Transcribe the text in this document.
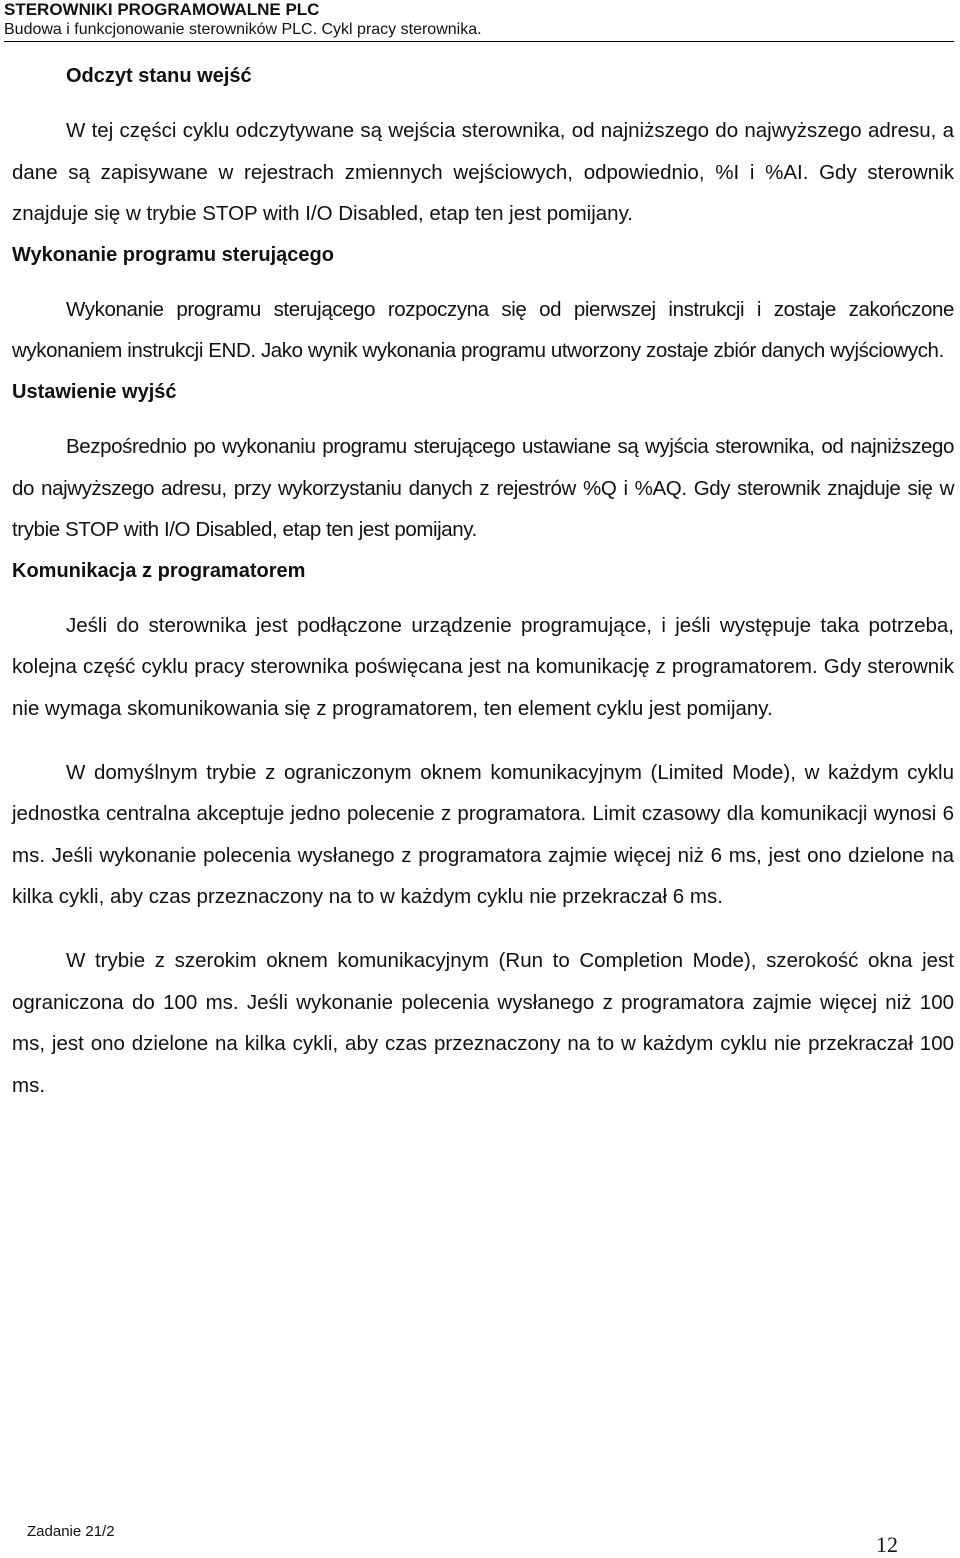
STEROWNIKI PROGRAMOWALNE PLC
Budowa i funkcjonowanie sterowników PLC. Cykl pracy sterownika.
Odczyt stanu wejść

W tej części cyklu odczytywane są wejścia sterownika, od najniższego do najwyższego adresu, a dane są zapisywane w rejestrach zmiennych wejściowych, odpowiednio, %I i %AI. Gdy sterownik znajduje się w trybie STOP with I/O Disabled, etap ten jest pomijany.

Wykonanie programu sterującego

Wykonanie programu sterującego rozpoczyna się od pierwszej instrukcji i zostaje zakończone wykonaniem instrukcji END. Jako wynik wykonania programu utworzony zostaje zbiór danych wyjściowych.

Ustawienie wyjść

Bezpośrednio po wykonaniu programu sterującego ustawiane są wyjścia sterownika, od najniższego do najwyższego adresu, przy wykorzystaniu danych z rejestrów %Q i %AQ. Gdy sterownik znajduje się w trybie STOP with I/O Disabled, etap ten jest pomijany.

Komunikacja z programatorem

Jeśli do sterownika jest podłączone urządzenie programujące, i jeśli występuje taka potrzeba, kolejna część cyklu pracy sterownika poświęcana jest na komunikację z programatorem. Gdy sterownik nie wymaga skomunikowania się z programatorem, ten element cyklu jest pomijany.

W domyślnym trybie z ograniczonym oknem komunikacyjnym (Limited Mode), w każdym cyklu jednostka centralna akceptuje jedno polecenie z programatora. Limit czasowy dla komunikacji wynosi 6 ms. Jeśli wykonanie polecenia wysłanego z programatora zajmie więcej niż 6 ms, jest ono dzielone na kilka cykli, aby czas przeznaczony na to w każdym cyklu nie przekraczał 6 ms.

W trybie z szerokim oknem komunikacyjnym (Run to Completion Mode), szerokość okna jest ograniczona do 100 ms. Jeśli wykonanie polecenia wysłanego z programatora zajmie więcej niż 100 ms, jest ono dzielone na kilka cykli, aby czas przeznaczony na to w każdym cyklu nie przekraczał 100 ms.

Zadanie 21/2
12
